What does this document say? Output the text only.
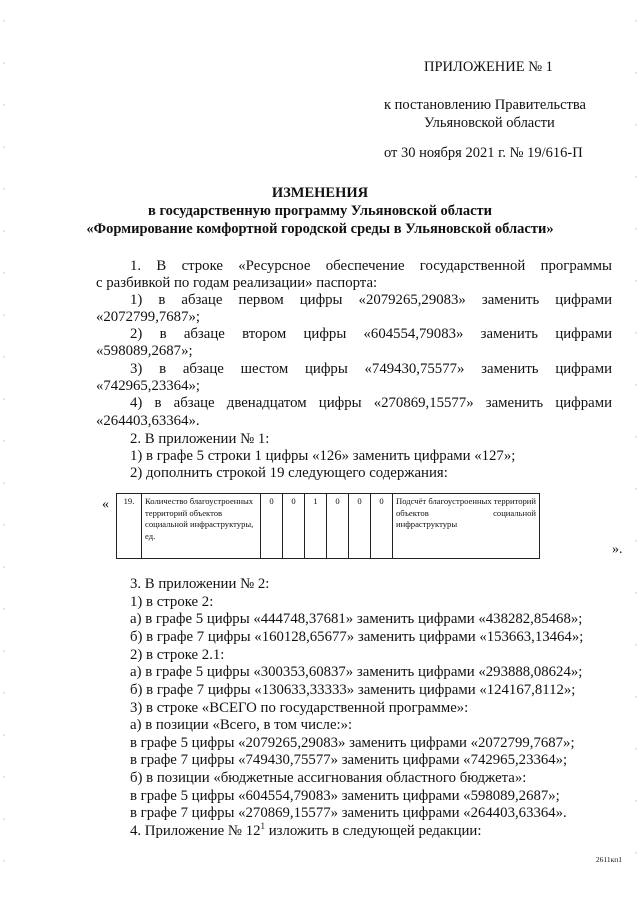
ПРИЛОЖЕНИЕ № 1
к постановлению Правительства
Ульяновской области
от 30 ноября 2021 г. № 19/616-П
ИЗМЕНЕНИЯ
в государственную программу Ульяновской области
«Формирование комфортной городской среды в Ульяновской области»
1. В строке «Ресурсное обеспечение государственной программы
с разбивкой по годам реализации» паспорта:
1) в абзаце первом цифры «2079265,29083» заменить цифрами
«2072799,7687»;
2) в абзаце втором цифры «604554,79083» заменить цифрами
«598089,2687»;
3) в абзаце шестом цифры «749430,75577» заменить цифрами
«742965,23364»;
4) в абзаце двенадцатом цифры «270869,15577» заменить цифрами
«264403,63364».
2. В приложении № 1:
1) в графе 5 строки 1 цифры «126» заменить цифрами «127»;
2) дополнить строкой 19 следующего содержания:
« 19.	Количество благоустроенных территорий объектов социальной инфраструктуры, ед.	0	0	1	0	0	0	Подсчёт благоустроенных территорий объектов социальной инфраструктуры
».
3. В приложении № 2:
1) в строке 2:
а) в графе 5 цифры «444748,37681» заменить цифрами «438282,85468»;
б) в графе 7 цифры «160128,65677» заменить цифрами «153663,13464»;
2) в строке 2.1:
а) в графе 5 цифры «300353,60837» заменить цифрами «293888,08624»;
б) в графе 7 цифры «130633,33333» заменить цифрами «124167,8112»;
3) в строке «ВСЕГО по государственной программе»:
а) в позиции «Всего, в том числе:»:
в графе 5 цифры «2079265,29083» заменить цифрами «2072799,7687»;
в графе 7 цифры «749430,75577» заменить цифрами «742965,23364»;
б) в позиции «бюджетные ассигнования областного бюджета»:
в графе 5 цифры «604554,79083» заменить цифрами «598089,2687»;
в графе 7 цифры «270869,15577» заменить цифрами «264403,63364».
4. Приложение № $12^1$ изложить в следующей редакции:
2611кп1
